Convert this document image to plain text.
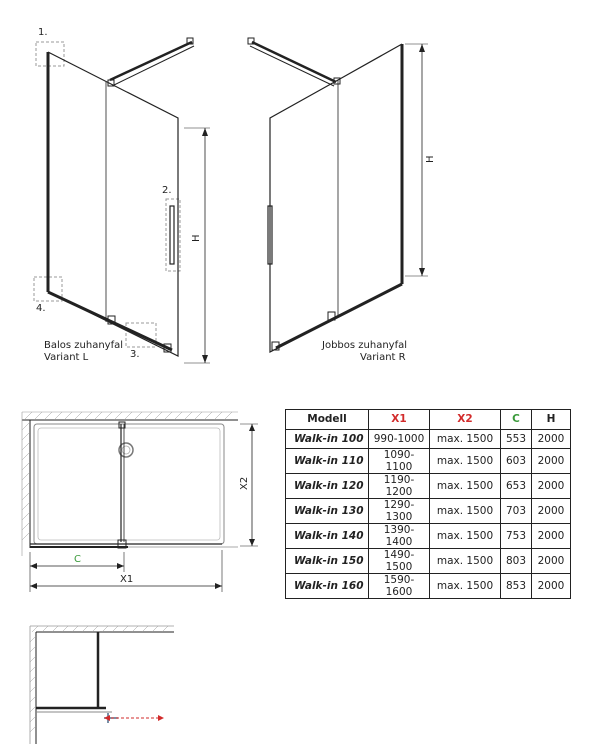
1.
2.
3.
4.
H
H
Balos zuhanyfal
Variant L
Jobbos zuhanyfal
Variant R
X2
C
X1
Modell	X1	X2	C	H
Walk-in 100	990-1000	max. 1500	553	2000
Walk-in 110	1090-1100	max. 1500	603	2000
Walk-in 120	1190-1200	max. 1500	653	2000
Walk-in 130	1290-1300	max. 1500	703	2000
Walk-in 140	1390-1400	max. 1500	753	2000
Walk-in 150	1490-1500	max. 1500	803	2000
Walk-in 160	1590-1600	max. 1500	853	2000
